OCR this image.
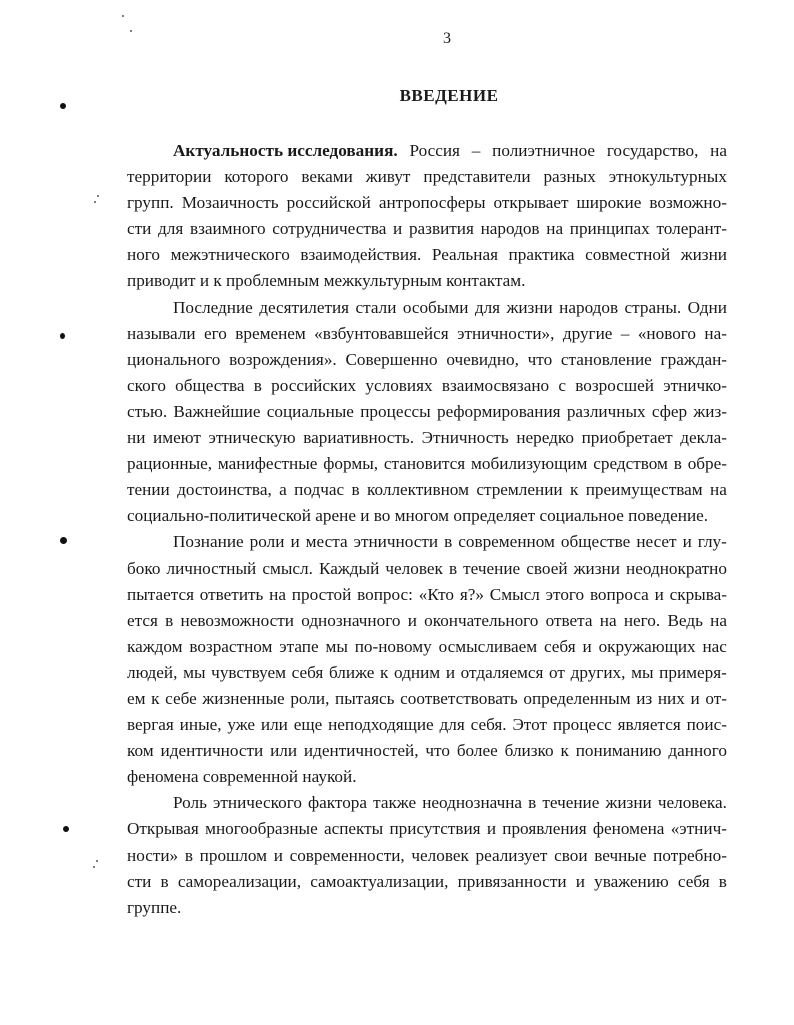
3
ВВЕДЕНИЕ
Актуальность исследования. Россия – полиэтничное государство, на
территории которого веками живут представители разных этнокультурных
групп. Мозаичность российской антропосферы открывает широкие возможно-
сти для взаимного сотрудничества и развития народов на принципах толерант-
ного межэтнического взаимодействия. Реальная практика совместной жизни
приводит и к проблемным межкультурным контактам.
Последние десятилетия стали особыми для жизни народов страны. Одни
называли его временем «взбунтовавшейся этничности», другие – «нового на-
ционального возрождения». Совершенно очевидно, что становление граждан-
ского общества в российских условиях взаимосвязано с возросшей этничко-
стью. Важнейшие социальные процессы реформирования различных сфер жиз-
ни имеют этническую вариативность. Этничность нередко приобретает декла-
рационные, манифестные формы, становится мобилизующим средством в обре-
тении достоинства, а подчас в коллективном стремлении к преимуществам на
социально-политической арене и во многом определяет социальное поведение.
Познание роли и места этничности в современном обществе несет и глу-
боко личностный смысл. Каждый человек в течение своей жизни неоднократно
пытается ответить на простой вопрос: «Кто я?» Смысл этого вопроса и скрыва-
ется в невозможности однозначного и окончательного ответа на него. Ведь на
каждом возрастном этапе мы по-новому осмысливаем себя и окружающих нас
людей, мы чувствуем себя ближе к одним и отдаляемся от других, мы примеря-
ем к себе жизненные роли, пытаясь соответствовать определенным из них и от-
вергая иные, уже или еще неподходящие для себя. Этот процесс является поис-
ком идентичности или идентичностей, что более близко к пониманию данного
феномена современной наукой.
Роль этнического фактора также неоднозначна в течение жизни человека.
Открывая многообразные аспекты присутствия и проявления феномена «этнич-
ности» в прошлом и современности, человек реализует свои вечные потребно-
сти в самореализации, самоактуализации, привязанности и уважению себя в
группе.
